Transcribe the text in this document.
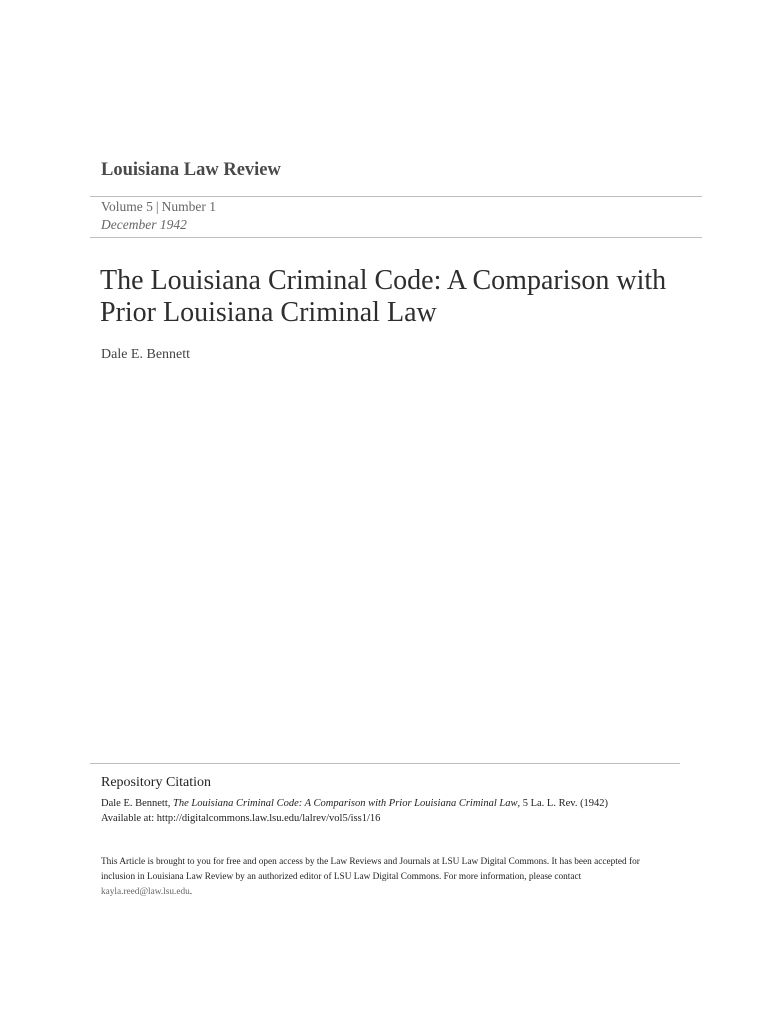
Louisiana Law Review
Volume 5 | Number 1
December 1942
The Louisiana Criminal Code: A Comparison with
Prior Louisiana Criminal Law
Dale E. Bennett
Repository Citation
Dale E. Bennett, The Louisiana Criminal Code: A Comparison with Prior Louisiana Criminal Law, 5 La. L. Rev. (1942)
Available at: http://digitalcommons.law.lsu.edu/lalrev/vol5/iss1/16
This Article is brought to you for free and open access by the Law Reviews and Journals at LSU Law Digital Commons. It has been accepted for
inclusion in Louisiana Law Review by an authorized editor of LSU Law Digital Commons. For more information, please contact
kayla.reed@law.lsu.edu.
